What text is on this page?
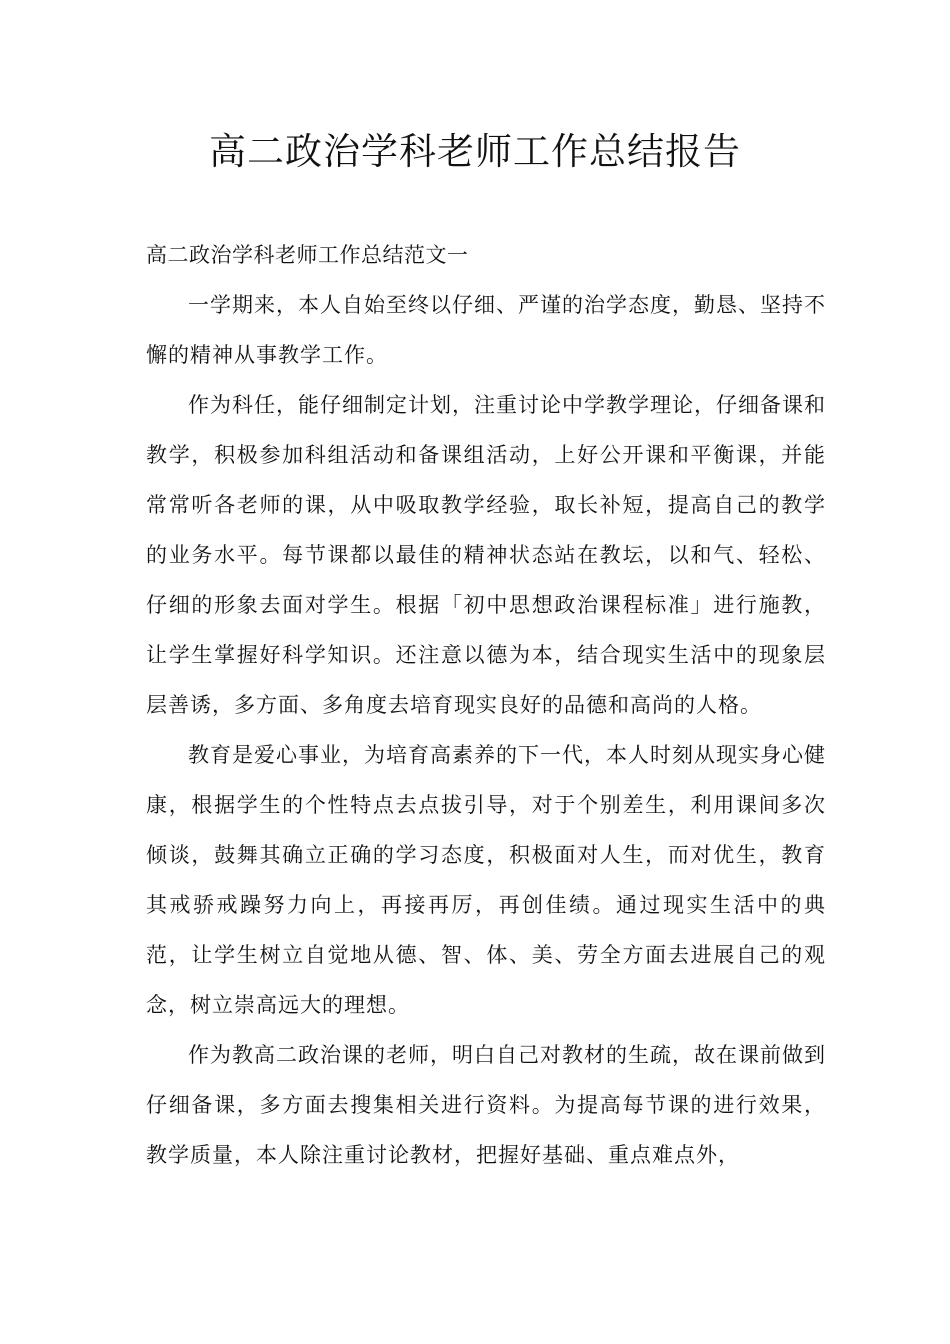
高二政治学科老师工作总结报告

高二政治学科老师工作总结范文一

一学期来，本人自始至终以仔细、严谨的治学态度，勤恳、坚持不懈的精神从事教学工作。

作为科任，能仔细制定计划，注重讨论中学教学理论，仔细备课和教学，积极参加科组活动和备课组活动，上好公开课和平衡课，并能常常听各老师的课，从中吸取教学经验，取长补短，提高自己的教学的业务水平。每节课都以最佳的精神状态站在教坛，以和气、轻松、仔细的形象去面对学生。根据「初中思想政治课程标准」进行施教，让学生掌握好科学知识。还注意以德为本，结合现实生活中的现象层层善诱，多方面、多角度去培育现实良好的品德和高尚的人格。

教育是爱心事业，为培育高素养的下一代，本人时刻从现实身心健康，根据学生的个性特点去点拔引导，对于个别差生，利用课间多次倾谈，鼓舞其确立正确的学习态度，积极面对人生，而对优生，教育其戒骄戒躁努力向上，再接再厉，再创佳绩。通过现实生活中的典范，让学生树立自觉地从德、智、体、美、劳全方面去进展自己的观念，树立崇高远大的理想。

作为教高二政治课的老师，明白自己对教材的生疏，故在课前做到仔细备课，多方面去搜集相关进行资料。为提高每节课的进行效果，教学质量，本人除注重讨论教材，把握好基础、重点难点外，
